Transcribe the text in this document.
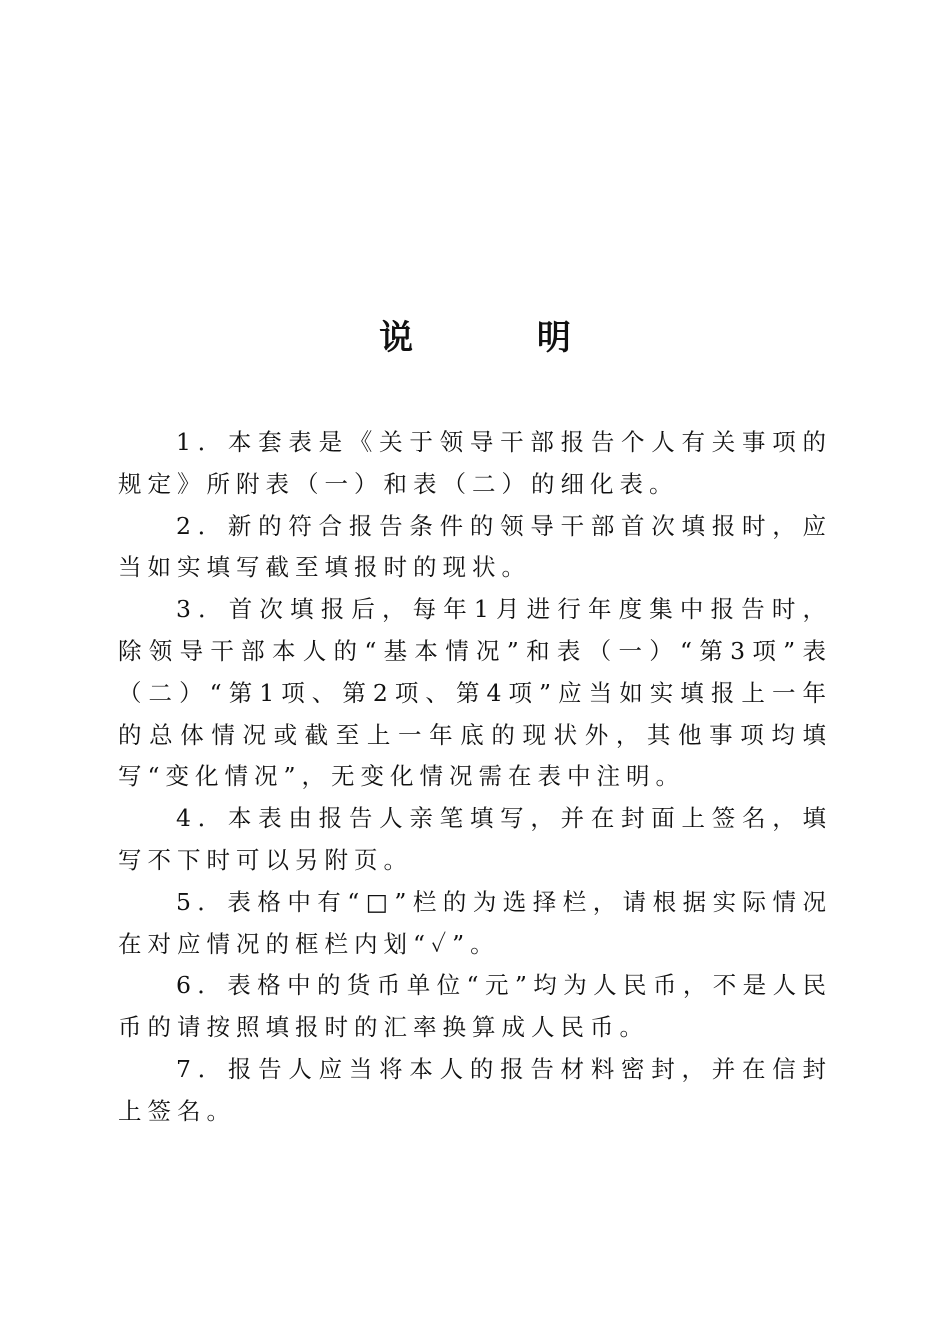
说 明

1．本套表是《关于领导干部报告个人有关事项的规定》所附表（一）和表（二）的细化表。

2．新的符合报告条件的领导干部首次填报时，应当如实填写截至填报时的现状。

3．首次填报后，每年1月进行年度集中报告时，除领导干部本人的“基本情况”和表（一）“第3项”表（二）“第1项、第2项、第4项”应当如实填报上一年的总体情况或截至上一年底的现状外，其他事项均填写“变化情况”，无变化情况需在表中注明。

4．本表由报告人亲笔填写，并在封面上签名，填写不下时可以另附页。

5．表格中有“□”栏的为选择栏，请根据实际情况在对应情况的框栏内划“✓”。

6．表格中的货币单位“元”均为人民币，不是人民币的请按照填报时的汇率换算成人民币。

7．报告人应当将本人的报告材料密封，并在信封上签名。
